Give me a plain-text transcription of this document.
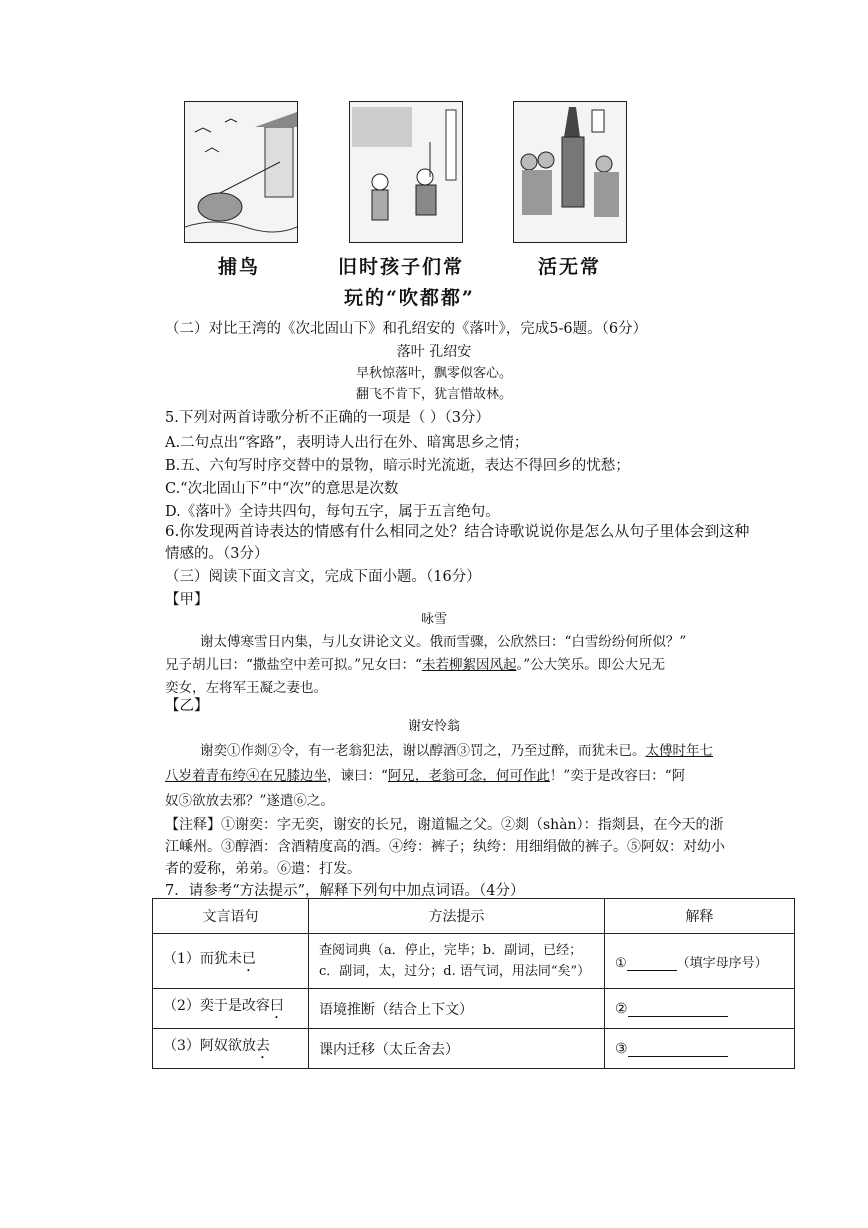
捕鸟	旧时孩子们常
玩的“吹都都”
活无常
（二）对比王湾的《次北固山下》和孔绍安的《落叶》，完成5-6题。（6分）
落叶 孔绍安
早秋惊落叶，飘零似客心。
翻飞不肯下，犹言惜故林。
5.下列对两首诗歌分析不正确的一项是（ ）（3分）
A.二句点出“客路”，表明诗人出行在外、暗寓思乡之情；
B.五、六句写时序交替中的景物，暗示时光流逝，表达不得回乡的忧愁；
C.“次北固山下”中“次”的意思是次数
D.《落叶》全诗共四句，每句五字，属于五言绝句。
6.你发现两首诗表达的情感有什么相同之处？结合诗歌说说你是怎么从句子里体会到这种
情感的。（3分）
（三）阅读下面文言文，完成下面小题。（16分）
【甲】
咏雪
谢太傅寒雪日内集，与儿女讲论文义。俄而雪骤，公欣然曰：“白雪纷纷何所似？”
兄子胡儿曰：“撒盐空中差可拟。”兄女曰：“未若柳絮因风起。”公大笑乐。即公大兄无
奕女，左将军王凝之妻也。
【乙】
谢安怜翁
谢奕①作剡②令，有一老翁犯法，谢以醇酒③罚之，乃至过醉，而犹未已。太傅时年七
八岁着青布绔④在兄膝边坐，谏曰：“阿兄，老翁可念，何可作此！”奕于是改容曰：“阿
奴⑤欲放去邪？”遂遣⑥之。
【注释】①谢奕：字无奕，谢安的长兄，谢道韫之父。②剡（shàn）：指剡县，在今天的浙
江嵊州。③醇酒：含酒精度高的酒。④绔：裤子；纨绔：用细绢做的裤子。⑤阿奴：对幼小
者的爱称，弟弟。⑥遣：打发。
7．请参考“方法提示”，解释下列句中加点词语。（4分）
文言语句	方法提示	解释
（1）而犹未已	查阅词典（a．停止，完毕；b．副词，已经；
c．副词，太，过分；d. 语气词，用法同“矣”）	① （填字母序号）
（2）奕于是改容曰	语境推断（结合上下文）	②
（3）阿奴欲放去	课内迁移（太丘舍去）	③
